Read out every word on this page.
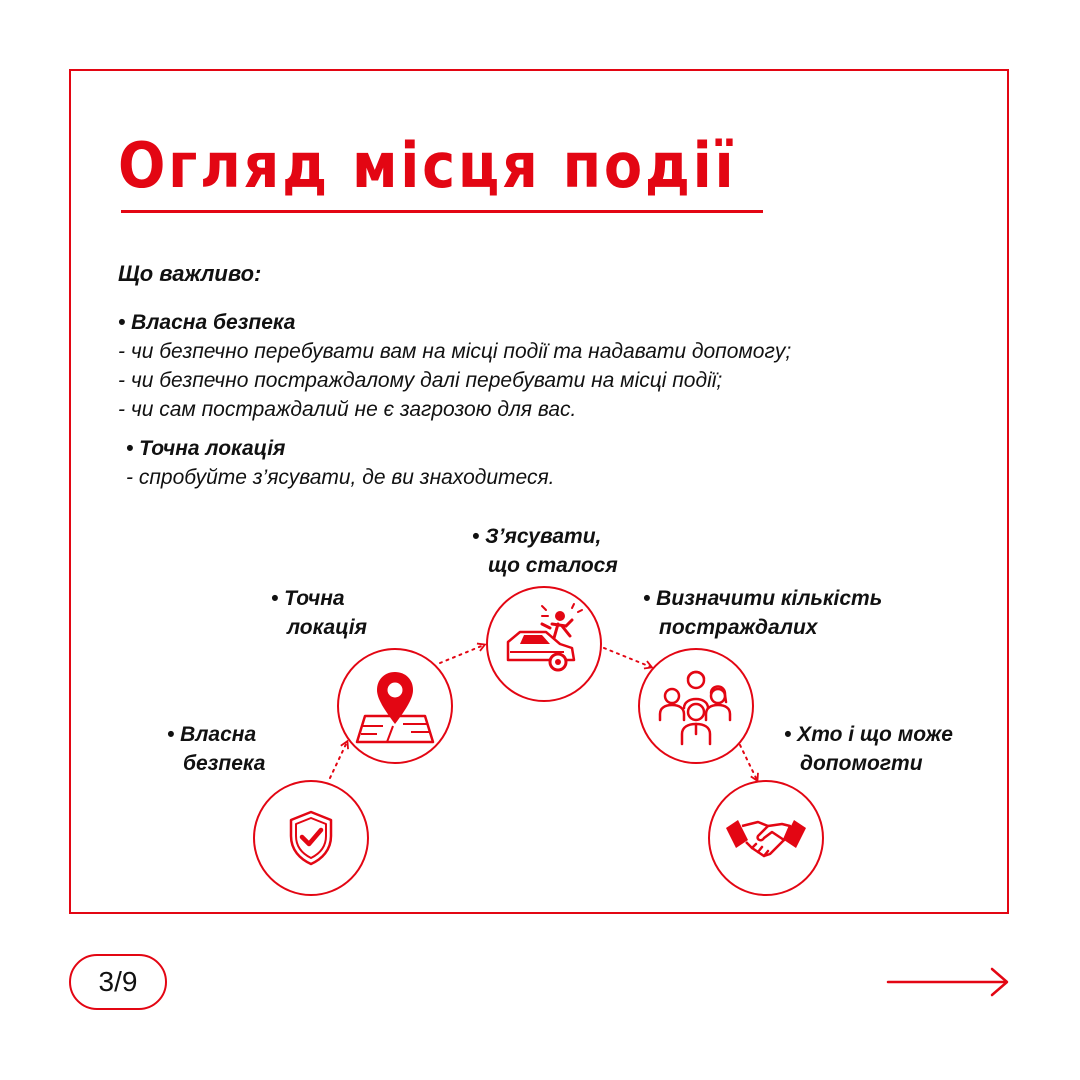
Огляд місця події

Що важливо:

• Власна безпека
- чи безпечно перебувати вам на місці події та надавати допомогу;
- чи безпечно постраждалому далі перебувати на місці події;
- чи сам постраждалий не є загрозою для вас.
• Точна локація
- спробуйте з’ясувати, де ви знаходитеся.
• Власна
безпека
• Точна
локація
• З’ясувати,
що сталося
• Визначити кількість
постраждалих
• Хто і що може
допомогти
3/9
